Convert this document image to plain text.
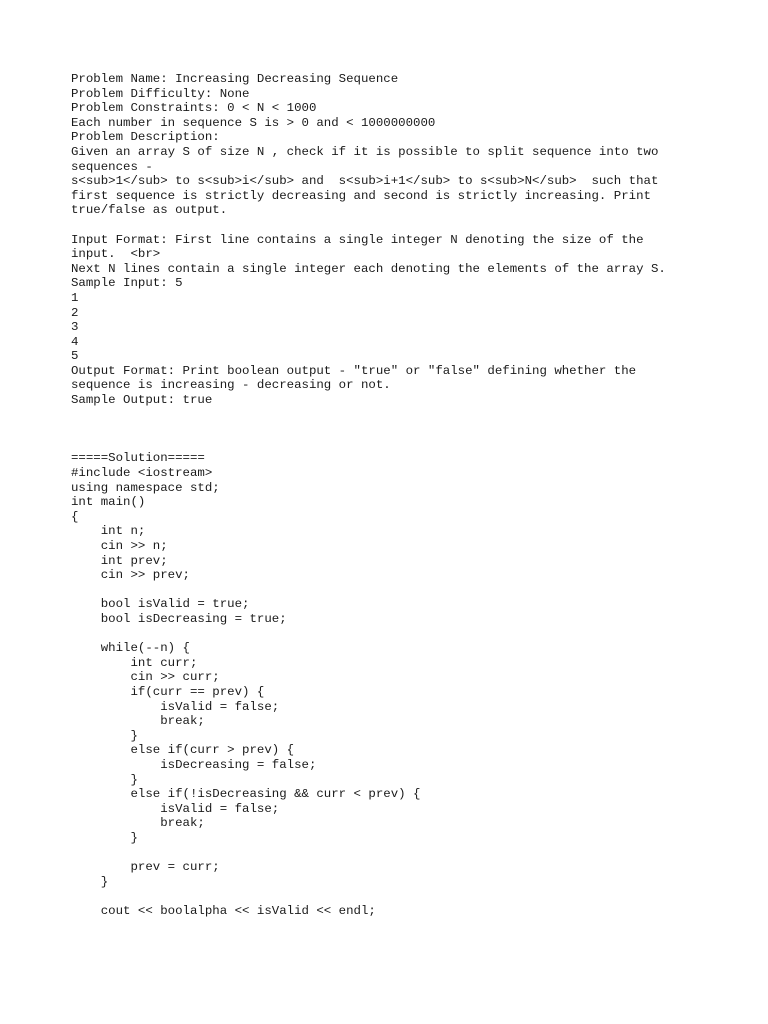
Problem Name: Increasing Decreasing Sequence
Problem Difficulty: None
Problem Constraints: 0 < N < 1000
Each number in sequence S is > 0 and < 1000000000
Problem Description:
Given an array S of size N , check if it is possible to split sequence into two
sequences -
s<sub>1</sub> to s<sub>i</sub> and  s<sub>i+1</sub> to s<sub>N</sub>  such that
first sequence is strictly decreasing and second is strictly increasing. Print
true/false as output.
Input Format: First line contains a single integer N denoting the size of the
input.  <br>
Next N lines contain a single integer each denoting the elements of the array S.
Sample Input: 5
1
2
3
4
5
Output Format: Print boolean output - "true" or "false" defining whether the
sequence is increasing - decreasing or not.
Sample Output: true
=====Solution=====
#include <iostream>
using namespace std;
int main()
{
int n;
cin >> n;
int prev;
cin >> prev;
bool isValid = true;
bool isDecreasing = true;
while(--n) {
int curr;
cin >> curr;
if(curr == prev) {
isValid = false;
break;
}
else if(curr > prev) {
isDecreasing = false;
}
else if(!isDecreasing && curr < prev) {
isValid = false;
break;
}
prev = curr;
}
cout << boolalpha << isValid << endl;
